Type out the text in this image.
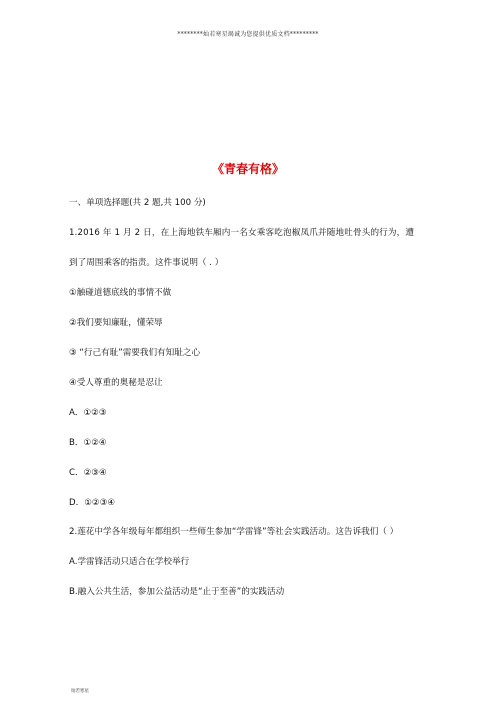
********灿若寒星竭诚为您提供优质文档*********
《青春有格》
一、单项选择题(共 2 题,共 100 分)
1.2016 年 1 月 2 日，在上海地铁车厢内一名女乘客吃泡椒凤爪并随地吐骨头的行为，遭
到了周围乘客的指责。这件事说明（ . ）
①触碰道德底线的事情不做
②我们要知廉耻，懂荣辱
③ “行己有耻”需要我们有知耻之心
④受人尊重的奥秘是忍让
A．①②③
B．①②④
C．②③④
D．①②③④
2.莲花中学各年级每年都组织一些师生参加“学雷锋”等社会实践活动。这告诉我们（ ）
A.学雷锋活动只适合在学校举行
B.融入公共生活，参加公益活动是“止于至善”的实践活动
灿若寒星
